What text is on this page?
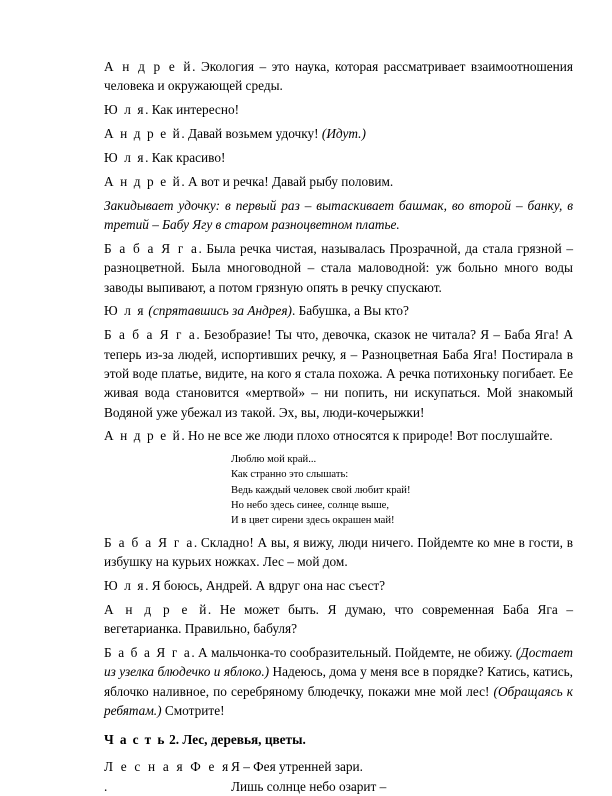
А н д р е й. Экология – это наука, которая рассматривает взаимоотношения человека и окружающей среды.

Ю л я. Как интересно!

А н д р е й. Давай возьмем удочку! (Идут.)

Ю л я. Как красиво!

А н д р е й. А вот и речка! Давай рыбу половим.

Закидывает удочку: в первый раз – вытаскивает башмак, во второй – банку, в третий – Бабу Ягу в старом разноцветном платье.

Б а б а Я г а. Была речка чистая, называлась Прозрачной, да стала грязной – разноцветной. Была многоводной – стала маловодной: уж больно много воды заводы выпивают, а потом грязную опять в речку спускают.

Ю л я (спрятавшись за Андрея). Бабушка, а Вы кто?

Б а б а Я г а. Безобразие! Ты что, девочка, сказок не читала? Я – Баба Яга! А теперь из-за людей, испортивших речку, я – Разноцветная Баба Яга! Постирала в этой воде платье, видите, на кого я стала похожа. А речка потихоньку погибает. Ее живая вода становится «мертвой» – ни попить, ни искупаться. Мой знакомый Водяной уже убежал из такой. Эх, вы, люди-кочерыжки!

А н д р е й. Но не все же люди плохо относятся к природе! Вот послушайте.

Люблю мой край...
Как странно это слышать:
Ведь каждый человек свой любит край!
Но небо здесь синее, солнце выше,
И в цвет сирени здесь окрашен май!

Б а б а Я г а. Складно! А вы, я вижу, люди ничего. Пойдемте ко мне в гости, в избушку на курьих ножках. Лес – мой дом.

Ю л я. Я боюсь, Андрей. А вдруг она нас съест?

А н д р е й. Не может быть. Я думаю, что современная Баба Яга – вегетарианка. Правильно, бабуля?

Б а б а Я г а. А мальчонка-то сообразительный. Пойдемте, не обижу. (Достает из узелка блюдечко и яблоко.) Надеюсь, дома у меня все в порядке? Катись, катись, яблочко наливное, по серебряному блюдечку, покажи мне мой лес! (Обращаясь к ребятам.) Смотрите!

Ч а с т ь 2. Лес, деревья, цветы.
Л е с н а я Ф е я .
Я – Фея утренней зари.
Лишь солнце небо озарит –
